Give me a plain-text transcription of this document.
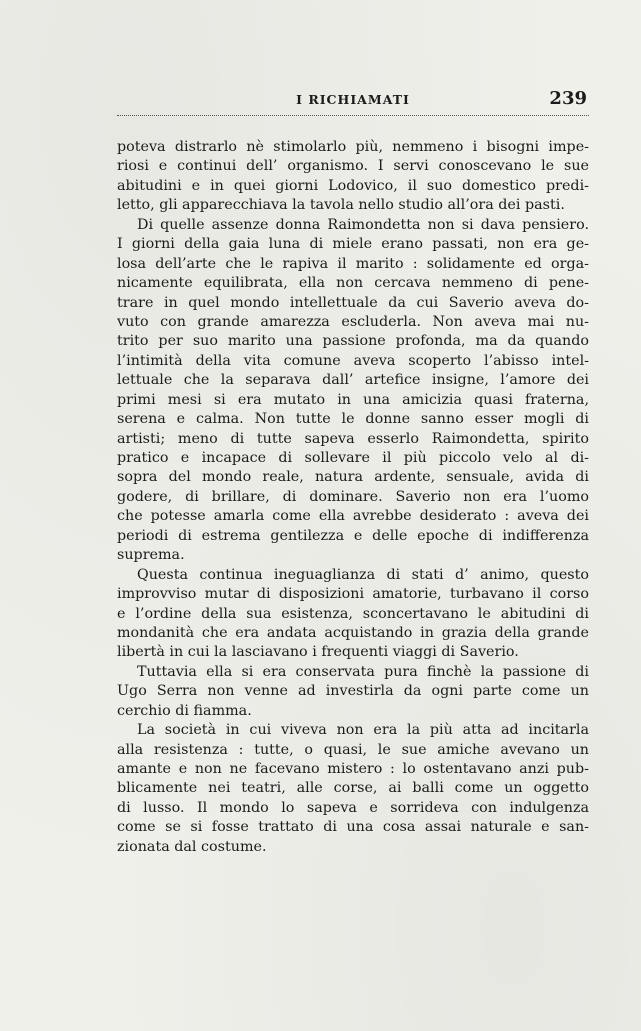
I RICHIAMATI	239
poteva distrarlo nè stimolarlo più, nemmeno i bisogni impe-
riosi e continui dell’ organismo. I servi conoscevano le sue
abitudini e in quei giorni Lodovico, il suo domestico predi-
letto, gli apparecchiava la tavola nello studio all’ora dei pasti.
Di quelle assenze donna Raimondetta non si dava pensiero.
I giorni della gaia luna di miele erano passati, non era ge-
losa dell’arte che le rapiva il marito : solidamente ed orga-
nicamente equilibrata, ella non cercava nemmeno di pene-
trare in quel mondo intellettuale da cui Saverio aveva do-
vuto con grande amarezza escluderla. Non aveva mai nu-
trito per suo marito una passione profonda, ma da quando
l’intimità della vita comune aveva scoperto l’abisso intel-
lettuale che la separava dall’ artefice insigne, l’amore dei
primi mesi si era mutato in una amicizia quasi fraterna,
serena e calma. Non tutte le donne sanno esser mogli di
artisti; meno di tutte sapeva esserlo Raimondetta, spirito
pratico e incapace di sollevare il più piccolo velo al di-
sopra del mondo reale, natura ardente, sensuale, avida di
godere, di brillare, di dominare. Saverio non era l’uomo
che potesse amarla come ella avrebbe desiderato : aveva dei
periodi di estrema gentilezza e delle epoche di indifferenza
suprema.
Questa continua ineguaglianza di stati d’ animo, questo
improvviso mutar di disposizioni amatorie, turbavano il corso
e l’ordine della sua esistenza, sconcertavano le abitudini di
mondanità che era andata acquistando in grazia della grande
libertà in cui la lasciavano i frequenti viaggi di Saverio.
Tuttavia ella si era conservata pura finchè la passione di
Ugo Serra non venne ad investirla da ogni parte come un
cerchio di fiamma.
La società in cui viveva non era la più atta ad incitarla
alla resistenza : tutte, o quasi, le sue amiche avevano un
amante e non ne facevano mistero : lo ostentavano anzi pub-
blicamente nei teatri, alle corse, ai balli come un oggetto
di lusso. Il mondo lo sapeva e sorrideva con indulgenza
come se si fosse trattato di una cosa assai naturale e san-
zionata dal costume.
